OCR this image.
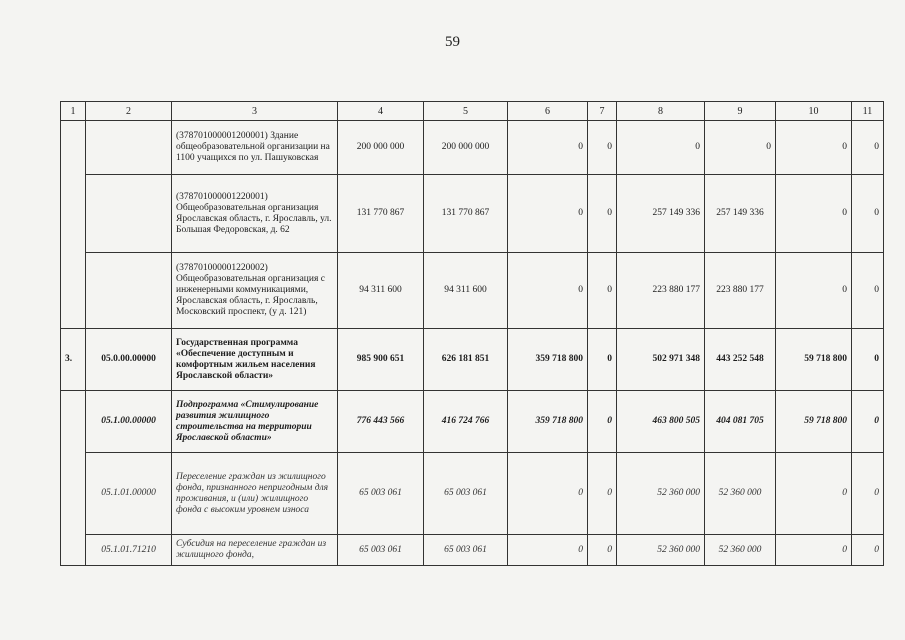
59
1	2	3	4	5	6	7	8	9	10	11
		(378701000001200001) Здание общеобразовательной организации на 1100 учащихся по ул. Пашуковская	200 000 000	200 000 000	0	0	0	0	0	0
		(378701000001220001) Общеобразовательная организация Ярославская область, г. Ярославль, ул. Большая Федоровская, д. 62	131 770 867	131 770 867	0	0	257 149 336	257 149 336	0	0
		(378701000001220002) Общеобразовательная организация с инженерными коммуникациями, Ярославская область, г. Ярославль, Московский проспект, (у д. 121)	94 311 600	94 311 600	0	0	223 880 177	223 880 177	0	0
3.	05.0.00.00000	Государственная программа «Обеспечение доступным и комфортным жильем населения Ярославской области»	985 900 651	626 181 851	359 718 800	0	502 971 348	443 252 548	59 718 800	0
	05.1.00.00000	Подпрограмма «Стимулирование развития жилищного строительства на территории Ярославской области»	776 443 566	416 724 766	359 718 800	0	463 800 505	404 081 705	59 718 800	0
	05.1.01.00000	Переселение граждан из жилищного фонда, признанного непригодным для проживания, и (или) жилищного фонда с высоким уровнем износа	65 003 061	65 003 061	0	0	52 360 000	52 360 000	0	0
	05.1.01.71210	Субсидия на переселение граждан из жилищного фонда,	65 003 061	65 003 061	0	0	52 360 000	52 360 000	0	0
